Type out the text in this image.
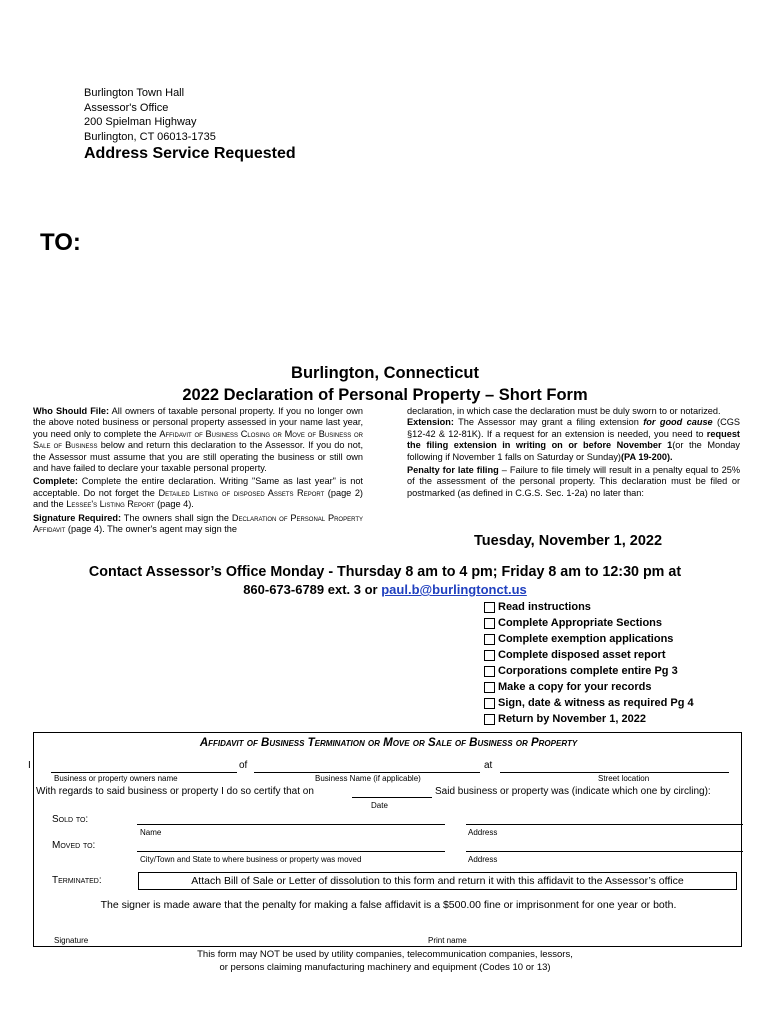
Burlington Town Hall
Assessor's Office
200 Spielman Highway
Burlington, CT 06013-1735
Address Service Requested
TO:
Burlington, Connecticut
2022 Declaration of Personal Property – Short Form

Who Should File: All owners of taxable personal property. If you no longer own the above noted business or personal property assessed in your name last year, you need only to complete the Affidavit of Business Closing or Move of Business or Sale of Business below and return this declaration to the Assessor. If you do not, the Assessor must assume that you are still operating the business or still own and have failed to declare your taxable personal property.

Complete: Complete the entire declaration. Writing "Same as last year" is not acceptable. Do not forget the Detailed Listing of disposed Assets Report (page 2) and the Lessee's Listing Report (page 4).

Signature Required: The owners shall sign the Declaration of Personal Property Affidavit (page 4). The owner's agent may sign the

declaration, in which case the declaration must be duly sworn to or notarized.

Extension: The Assessor may grant a filing extension for good cause (CGS §12-42 & 12-81K). If a request for an extension is needed, you need to request the filing extension in writing on or before November 1(or the Monday following if November 1 falls on Saturday or Sunday)(PA 19-200).

Penalty for late filing – Failure to file timely will result in a penalty equal to 25% of the assessment of the personal property. This declaration must be filed or postmarked (as defined in C.G.S. Sec. 1-2a) no later than:

Tuesday, November 1, 2022
Contact Assessor’s Office Monday - Thursday 8 am to 4 pm; Friday 8 am to 12:30 pm at
860-673-6789 ext. 3 or paul.b@burlingtonct.us
Read instructions
Complete Appropriate Sections
Complete exemption applications
Complete disposed asset report
Corporations complete entire Pg 3
Make a copy for your records
Sign, date & witness as required Pg 4
Return by November 1, 2022
Affidavit of Business Termination or Move or Sale of Business or Property
I	of	at
Business or property owners name	Business Name (if applicable)	Street location
With regards to said business or property I do so certify that on	Said business or property was (indicate which one by circling):
Date
Sold to:
Name	Address
Moved to:
City/Town and State to where business or property was moved	Address
Terminated:	Attach Bill of Sale or Letter of dissolution to this form and return it with this affidavit to the Assessor’s office
The signer is made aware that the penalty for making a false affidavit is a $500.00 fine or imprisonment for one year or both.
Signature	Print name
This form may NOT be used by utility companies, telecommunication companies, lessors,
or persons claiming manufacturing machinery and equipment (Codes 10 or 13)
